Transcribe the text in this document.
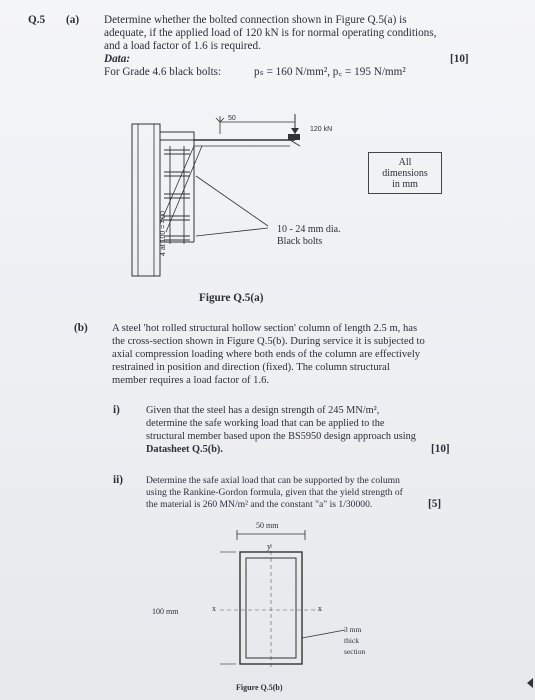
Q.5 (a) Determine whether the bolted connection shown in Figure Q.5(a) is
adequate, if the applied load of 120 kN is for normal operating conditions,
and a load factor of 1.6 is required.
[10]
Data:
For Grade 4.6 black bolts:	pₛ = 160 N/mm², p꜀ = 195 N/mm²
50
120 kN
4 at 100 = 400	10 - 24 mm dia.
Black bolts
All
dimensions
in mm
Figure Q.5(a)
(b) A steel 'hot rolled structural hollow section' column of length 2.5 m, has
the cross-section shown in Figure Q.5(b). During service it is subjected to
axial compression loading where both ends of the column are effectively
restrained in position and direction (fixed). The column structural
member requires a load factor of 1.6.
i)	Given that the steel has a design strength of 245 MN/m²,
determine the safe working load that can be applied to the
structural member based upon the BS5950 design approach using
Datasheet Q.5(b).	[10]
ii) Determine the safe axial load that can be supported by the column
using the Rankine-Gordon formula, given that the yield strength of
the material is 260 MN/m² and the constant "a" is 1/30000.	[5]
50 mm
y
100 mm	x	x
3 mm
thick
section
Figure Q.5(b)
